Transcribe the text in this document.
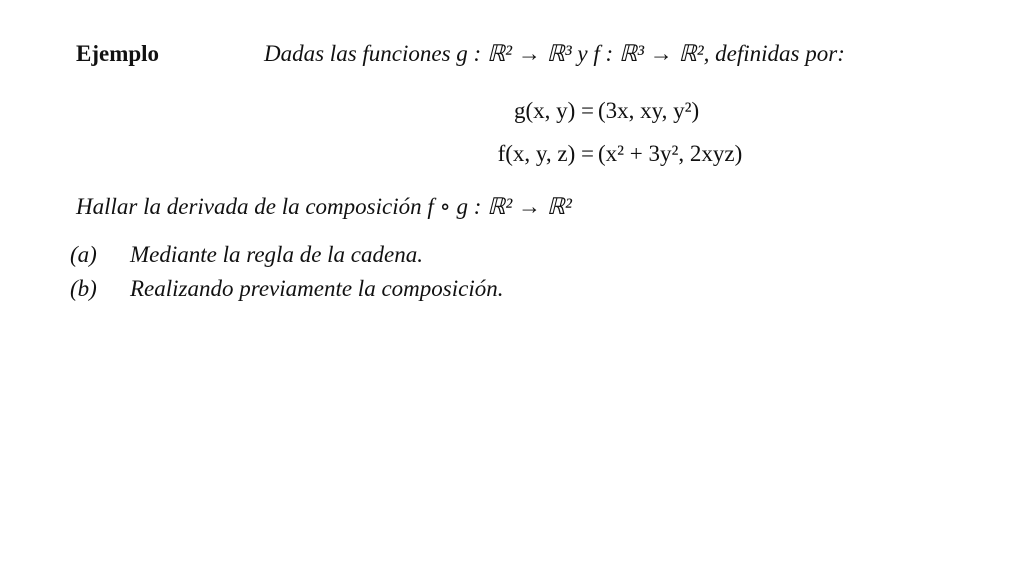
Ejemplo	Dadas las funciones g : ℝ² → ℝ³ y f : ℝ³ → ℝ², definidas por:
g(x, y) = (3x, xy, y²)
f(x, y, z) = (x² + 3y², 2xyz)
Hallar la derivada de la composición f ∘ g : ℝ² → ℝ²
(a) Mediante la regla de la cadena.
(b) Realizando previamente la composición.
